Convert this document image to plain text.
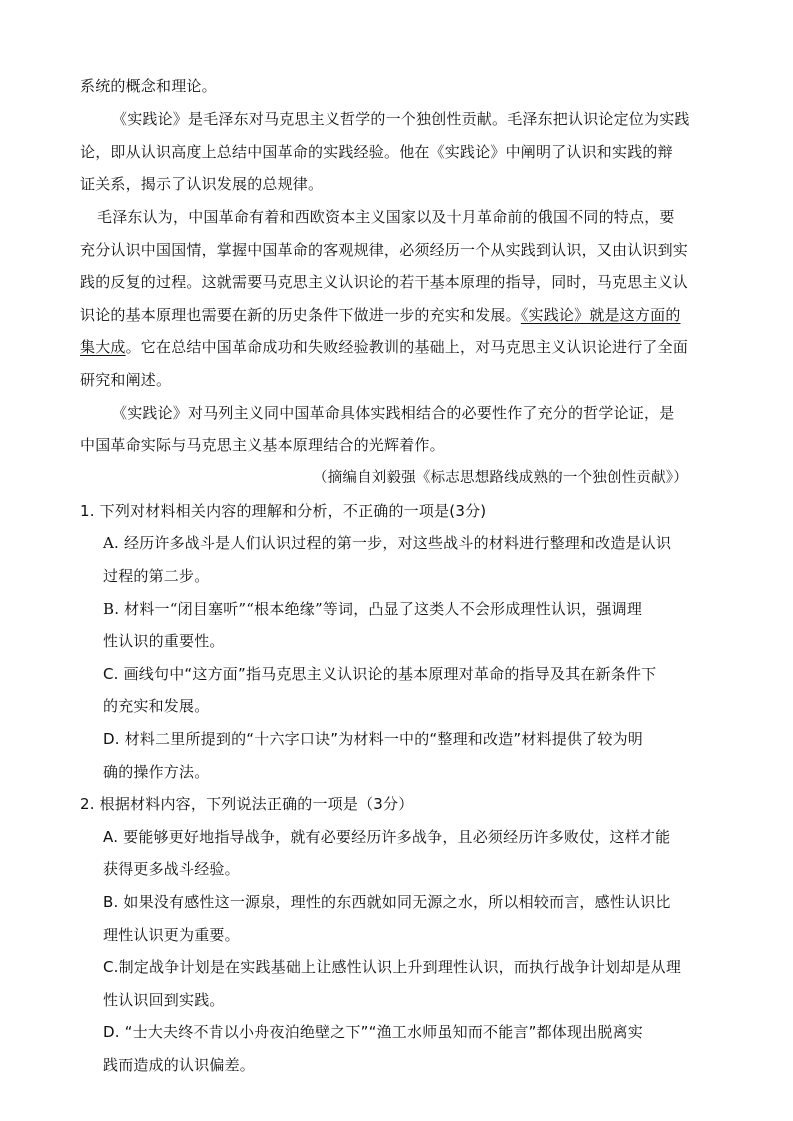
系统的概念和理论。
《实践论》是毛泽东对马克思主义哲学的一个独创性贡献。毛泽东把认识论定位为实践
论，即从认识高度上总结中国革命的实践经验。他在《实践论》中阐明了认识和实践的辩
证关系，揭示了认识发展的总规律。
毛泽东认为，中国革命有着和西欧资本主义国家以及十月革命前的俄国不同的特点，要
充分认识中国国情，掌握中国革命的客观规律，必须经历一个从实践到认识，又由认识到实
践的反复的过程。这就需要马克思主义认识论的若干基本原理的指导，同时，马克思主义认
识论的基本原理也需要在新的历史条件下做进一步的充实和发展。《实践论》就是这方面的
集大成。它在总结中国革命成功和失败经验教训的基础上，对马克思主义认识论进行了全面
研究和阐述。
《实践论》对马列主义同中国革命具体实践相结合的必要性作了充分的哲学论证，是
中国革命实际与马克思主义基本原理结合的光辉着作。
（摘编自刘毅强《标志思想路线成熟的一个独创性贡献》）
1. 下列对材料相关内容的理解和分析，不正确的一项是(3分)
A. 经历许多战斗是人们认识过程的第一步，对这些战斗的材料进行整理和改造是认识
过程的第二步。
B. 材料一“闭目塞听”“根本绝缘”等词，凸显了这类人不会形成理性认识，强调理
性认识的重要性。
C. 画线句中“这方面”指马克思主义认识论的基本原理对革命的指导及其在新条件下
的充实和发展。
D. 材料二里所提到的“十六字口诀”为材料一中的“整理和改造”材料提供了较为明
确的操作方法。
2. 根据材料内容，下列说法正确的一项是（3分）
A. 要能够更好地指导战争，就有必要经历许多战争，且必须经历许多败仗，这样才能
获得更多战斗经验。
B. 如果没有感性这一源泉，理性的东西就如同无源之水，所以相较而言，感性认识比
理性认识更为重要。
C.制定战争计划是在实践基础上让感性认识上升到理性认识，而执行战争计划却是从理
性认识回到实践。
D. “士大夫终不肯以小舟夜泊绝壁之下”“渔工水师虽知而不能言”都体现出脱离实
践而造成的认识偏差。
